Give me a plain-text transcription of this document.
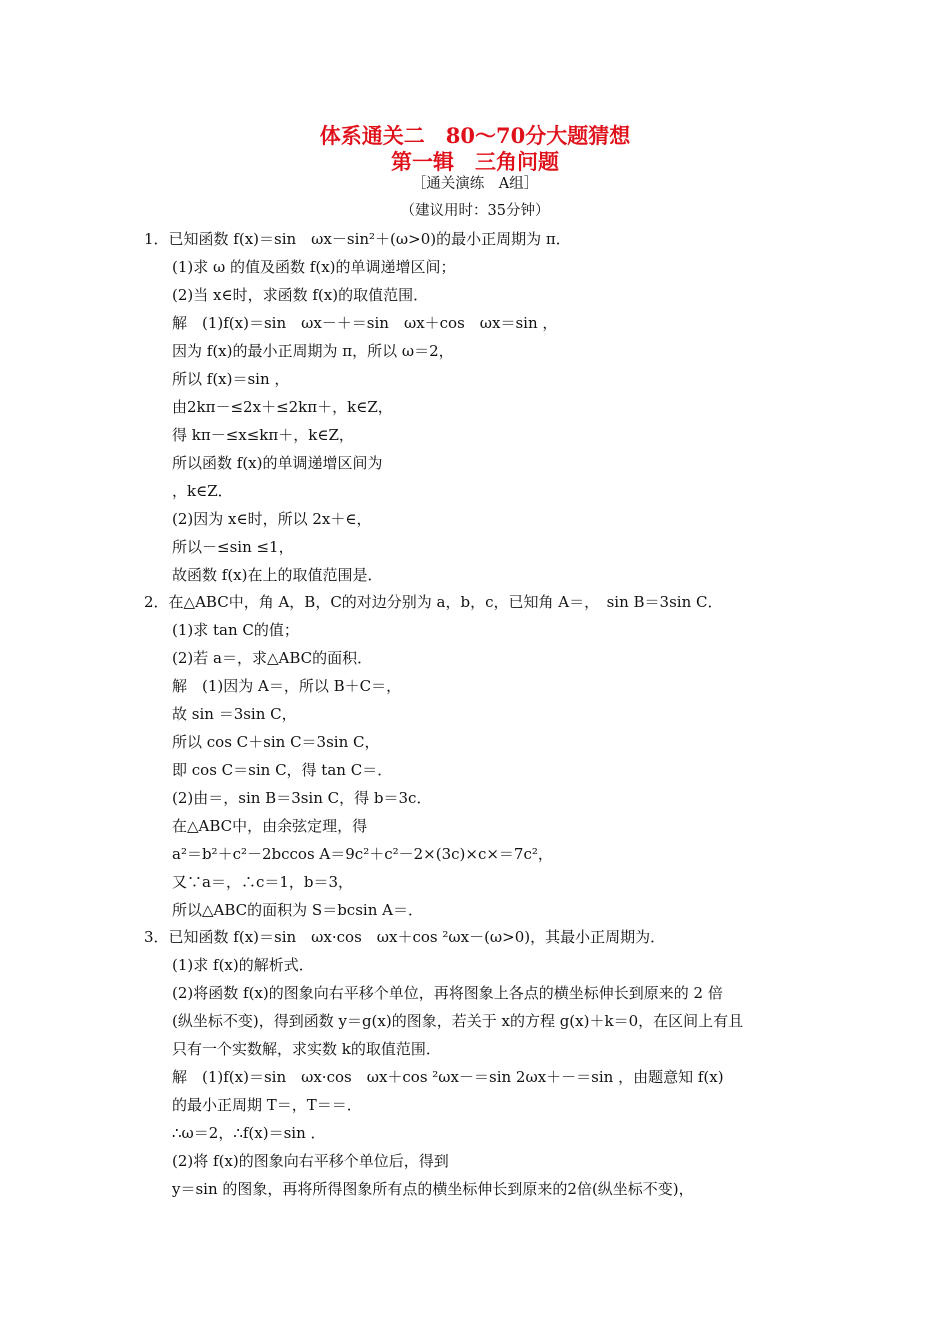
体系通关二　80～70分大题猜想
第一辑　三角问题
［通关演练　A组］
（建议用时：35分钟）
1．已知函数 f(x)＝sin　ωx－sin²＋(ω>0)的最小正周期为 π．
(1)求 ω 的值及函数 f(x)的单调递增区间；
(2)当 x∈时，求函数 f(x)的取值范围．
解　(1)f(x)＝sin　ωx－＋＝sin　ωx＋cos　ωx＝sin ，
因为 f(x)的最小正周期为 π，所以 ω＝2，
所以 f(x)＝sin ，
由2kπ－≤2x＋≤2kπ＋，k∈Z，
得 kπ－≤x≤kπ＋，k∈Z，
所以函数 f(x)的单调递增区间为
，k∈Z．
(2)因为 x∈时，所以 2x＋∈，
所以－≤sin ≤1，
故函数 f(x)在上的取值范围是．
2．在△ABC中，角 A，B，C的对边分别为 a，b，c，已知角 A＝，　sin B＝3sin C．
(1)求 tan C的值；
(2)若 a＝，求△ABC的面积．
解　(1)因为 A＝，所以 B＋C＝，
故 sin ＝3sin C，
所以 cos C＋sin C＝3sin C，
即 cos C＝sin C，得 tan C＝．
(2)由＝，sin B＝3sin C，得 b＝3c．
在△ABC中，由余弦定理，得
a²＝b²＋c²－2bccos A＝9c²＋c²－2×(3c)×c×＝7c²，
又∵a＝，∴c＝1，b＝3，
所以△ABC的面积为 S＝bcsin A＝．
3．已知函数 f(x)＝sin　ωx·cos　ωx＋cos ²ωx－(ω>0)，其最小正周期为．
(1)求 f(x)的解析式．
(2)将函数 f(x)的图象向右平移个单位，再将图象上各点的横坐标伸长到原来的 2 倍
(纵坐标不变)，得到函数 y＝g(x)的图象，若关于 x的方程 g(x)＋k＝0，在区间上有且
只有一个实数解，求实数 k的取值范围．
解　(1)f(x)＝sin　ωx·cos　ωx＋cos ²ωx－＝sin 2ωx＋－＝sin ，由题意知 f(x)
的最小正周期 T＝，T＝＝．
∴ω＝2，∴f(x)＝sin ．
(2)将 f(x)的图象向右平移个单位后，得到
y＝sin 的图象，再将所得图象所有点的横坐标伸长到原来的2倍(纵坐标不变)，
